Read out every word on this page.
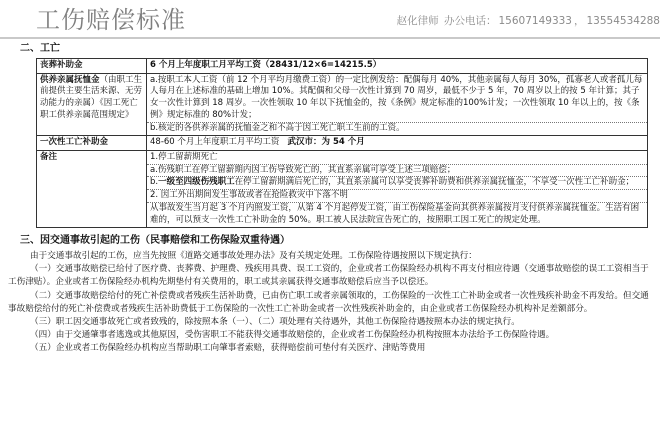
工伤赔偿标准	赵化律师 办公电话： 15607149333 ， 13554534288
二、工亡
丧葬补助金	6 个月上年度职工月平均工资（28431/12×6=14215.5）
供养亲属抚恤金（由职工生前提供主要生活来源、无劳动能力的亲属）《因工死亡职工供养亲属范围规定》	a.按职工本人工资（前 12 个月平均月缴费工资）的一定比例发给：配偶每月 40%，其他亲属每人每月 30%，孤寡老人或者孤儿每人每月在上述标准的基础上增加 10%。其配偶和父母一次性计算到 70 周岁，最低不少于 5 年，70 周岁以上的按 5 年计算；其子女一次性计算到 18 周岁。一次性领取 10 年以下抚恤金的，按《条例》规定标准的100%计发；一次性领取 10 年以上的，按《条例》规定标准的 80%计发；
b.核定的各供养亲属的抚恤金之和不高于因工死亡职工生前的工资。

一次性工亡补助金	48-60 个月上年度职工月平均工资 武汉市：为 54 个月
备注	1.停工留薪期死亡
a.伤残职工在停工留薪期内因工伤导致死亡的，其直系亲属可享受上述三项赔偿；
b.一级至四级伤残职工在停工留薪期满后死亡的，其直系亲属可以享受丧葬补助费和供养亲属抚恤金，不享受一次性工亡补助金；
2. 因工外出期间发生事故或者在抢险救灾中下落不明
从事故发生当月起 3 个月内照发工资，从第 4 个月起停发工资，由工伤保险基金向其供养亲属按月支付供养亲属抚恤金。生活有困难的，可以预支一次性工亡补助金的 50%。职工被人民法院宣告死亡的，按照职工因工死亡的规定处理。
三、因交通事故引起的工伤（民事赔偿和工伤保险双重待遇）
由于交通事故引起的工伤，应当先按照《道路交通事故处理办法》及有关规定处理。工伤保险待遇按照以下规定执行：
（一）交通事故赔偿已给付了医疗费、丧葬费、护理费、残疾用具费、误工工资的，企业或者工伤保险经办机构不再支付相应待遇（交通事故赔偿的误工工资相当于工伤津贴）。企业或者工伤保险经办机构先期垫付有关费用的，职工或其亲属获得交通事故赔偿后应当予以偿还。
（二）交通事故赔偿给付的死亡补偿费或者残疾生活补助费，已由伤亡职工或者亲属领取的，工伤保险的一次性工亡补助金或者一次性残疾补助金不再发给。但交通事故赔偿给付的死亡补偿费或者残疾生活补助费低于工伤保险的一次性工亡补助金或者一次性残疾补助金的，由企业或者工伤保险经办机构补足差额部分。
（三）职工因交通事故死亡或者致残的，除按照本条（一）、（二）项处理有关待遇外，其他工伤保险待遇按照本办法的规定执行。
（四）由于交通肇事者逃逸或其他原因，受伤害职工不能获得交通事故赔偿的，企业或者工伤保险经办机构按照本办法给予工伤保险待遇。
（五）企业或者工伤保险经办机构应当帮助职工向肇事者索赔，获得赔偿前可垫付有关医疗、津贴等费用
